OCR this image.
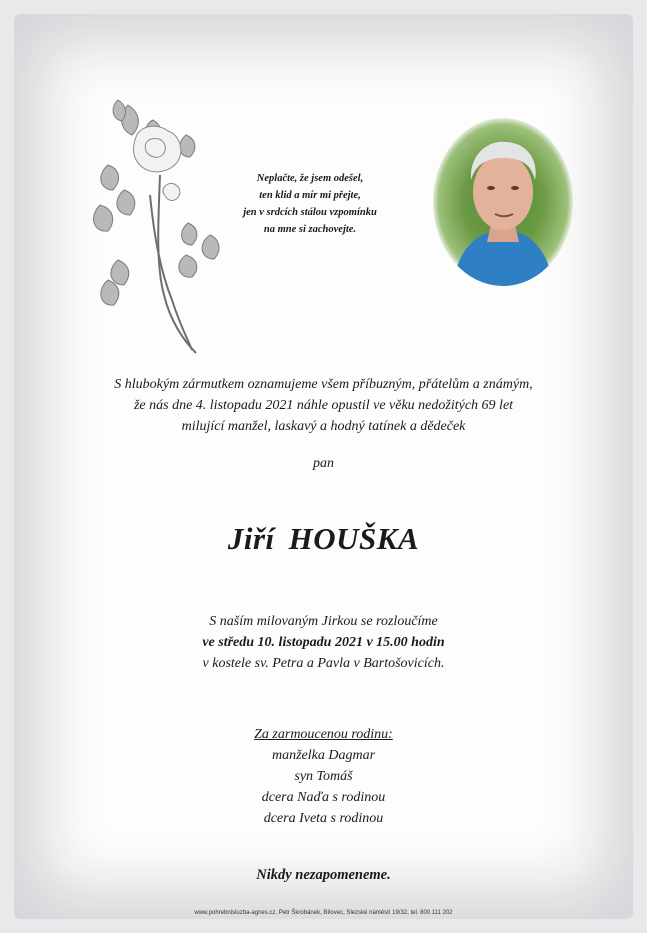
Neplačte, že jsem odešel,
ten klid a mír mi přejte,
jen v srdcích stálou vzpomínku
na mne si zachovejte.
S hlubokým zármutkem oznamujeme všem příbuzným, přátelům a známým,
že nás dne 4. listopadu 2021 náhle opustil ve věku nedožitých 69 let
milující manžel, laskavý a hodný tatínek a dědeček
pan
Jiří HOUŠKA
S naším milovaným Jirkou se rozloučíme
ve středu 10. listopadu 2021 v 15.00 hodin
v kostele sv. Petra a Pavla v Bartošovicích.
Za zarmoucenou rodinu:
manželka Dagmar
syn Tomáš
dcera Naďa s rodinou
dcera Iveta s rodinou
Nikdy nezapomeneme.
www.pohrebnisluzba-agnes.cz, Petr Škrobánek, Bílovec, Slezské náměstí 19/32, tel. 800 111 202
